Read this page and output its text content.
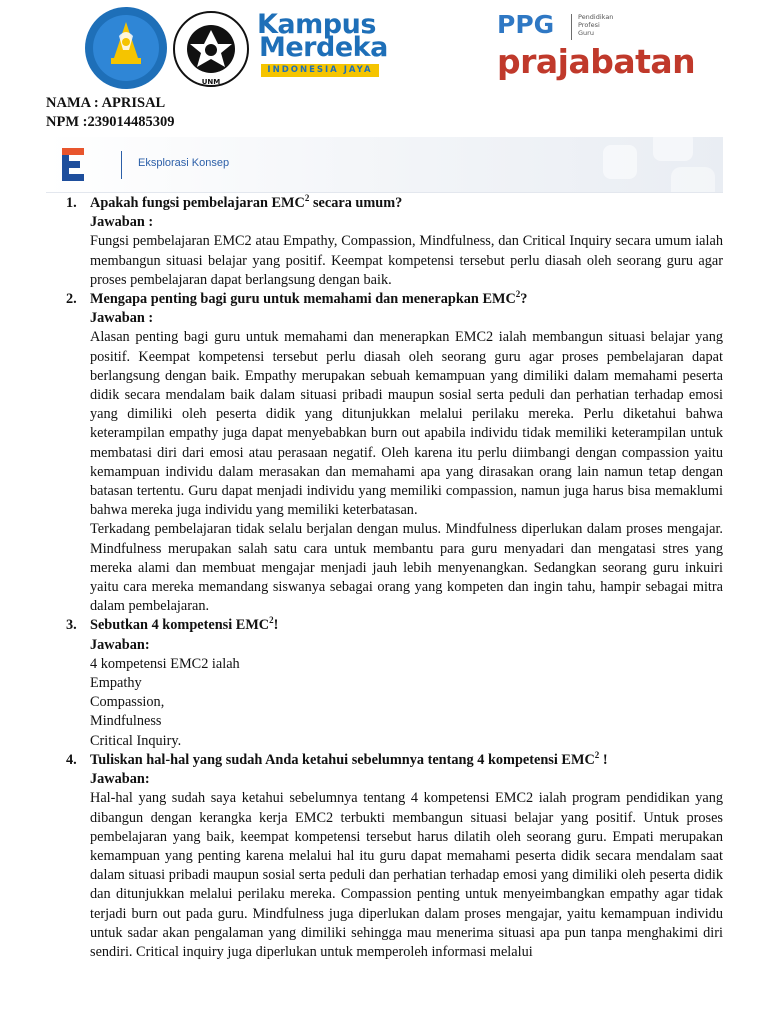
UNM
Kampus
Merdeka
INDONESIA JAYA
PPG	Pendidikan
Profesi
Guru
prajabatan
NAMA : APRISAL
NPM :239014485309
Eksplorasi Konsep
1. Apakah fungsi pembelajaran EMC$^2$ secara umum?
Jawaban :

Fungsi pembelajaran EMC2 atau Empathy, Compassion, Mindfulness, dan Critical Inquiry secara umum ialah membangun situasi belajar yang positif. Keempat kompetensi tersebut perlu diasah oleh seorang guru agar proses pembelajaran dapat berlangsung dengan baik.

2. Mengapa penting bagi guru untuk memahami dan menerapkan EMC$^2$?
Jawaban :

Alasan penting bagi guru untuk memahami dan menerapkan EMC2 ialah membangun situasi belajar yang positif. Keempat kompetensi tersebut perlu diasah oleh seorang guru agar proses pembelajaran dapat berlangsung dengan baik. Empathy merupakan sebuah kemampuan yang dimiliki dalam memahami peserta didik secara mendalam baik dalam situasi pribadi maupun sosial serta peduli dan perhatian terhadap emosi yang dimiliki oleh peserta didik yang ditunjukkan melalui perilaku mereka. Perlu diketahui bahwa keterampilan empathy juga dapat menyebabkan burn out apabila individu tidak memiliki keterampilan untuk membatasi diri dari emosi atau perasaan negatif. Oleh karena itu perlu diimbangi dengan compassion yaitu kemampuan individu dalam merasakan dan memahami apa yang dirasakan orang lain namun tetap dengan batasan tertentu. Guru dapat menjadi individu yang memiliki compassion, namun juga harus bisa memaklumi bahwa mereka juga individu yang memiliki keterbatasan.

Terkadang pembelajaran tidak selalu berjalan dengan mulus. Mindfulness diperlukan dalam proses mengajar. Mindfulness merupakan salah satu cara untuk membantu para guru menyadari dan mengatasi stres yang mereka alami dan membuat mengajar menjadi jauh lebih menyenangkan. Sedangkan seorang guru inkuiri yaitu cara mereka memandang siswanya sebagai orang yang kompeten dan ingin tahu, hampir sebagai mitra dalam pembelajaran.

3. Sebutkan 4 kompetensi EMC$^2$!
Jawaban:

4 kompetensi EMC2 ialah

Empathy

Compassion,

Mindfulness

Critical Inquiry.

4. Tuliskan hal-hal yang sudah Anda ketahui sebelumnya tentang 4 kompetensi EMC$^2$ !
Jawaban:

Hal-hal yang sudah saya ketahui sebelumnya tentang 4 kompetensi EMC2 ialah program pendidikan yang dibangun dengan kerangka kerja EMC2 terbukti membangun situasi belajar yang positif. Untuk proses pembelajaran yang baik, keempat kompetensi tersebut harus dilatih oleh seorang guru. Empati merupakan kemampuan yang penting karena melalui hal itu guru dapat memahami peserta didik secara mendalam saat dalam situasi pribadi maupun sosial serta peduli dan perhatian terhadap emosi yang dimiliki oleh peserta didik dan ditunjukkan melalui perilaku mereka. Compassion penting untuk menyeimbangkan empathy agar tidak terjadi burn out pada guru. Mindfulness juga diperlukan dalam proses mengajar, yaitu kemampuan individu untuk sadar akan pengalaman yang dimiliki sehingga mau menerima situasi apa pun tanpa menghakimi diri sendiri. Critical inquiry juga diperlukan untuk memperoleh informasi melalui
